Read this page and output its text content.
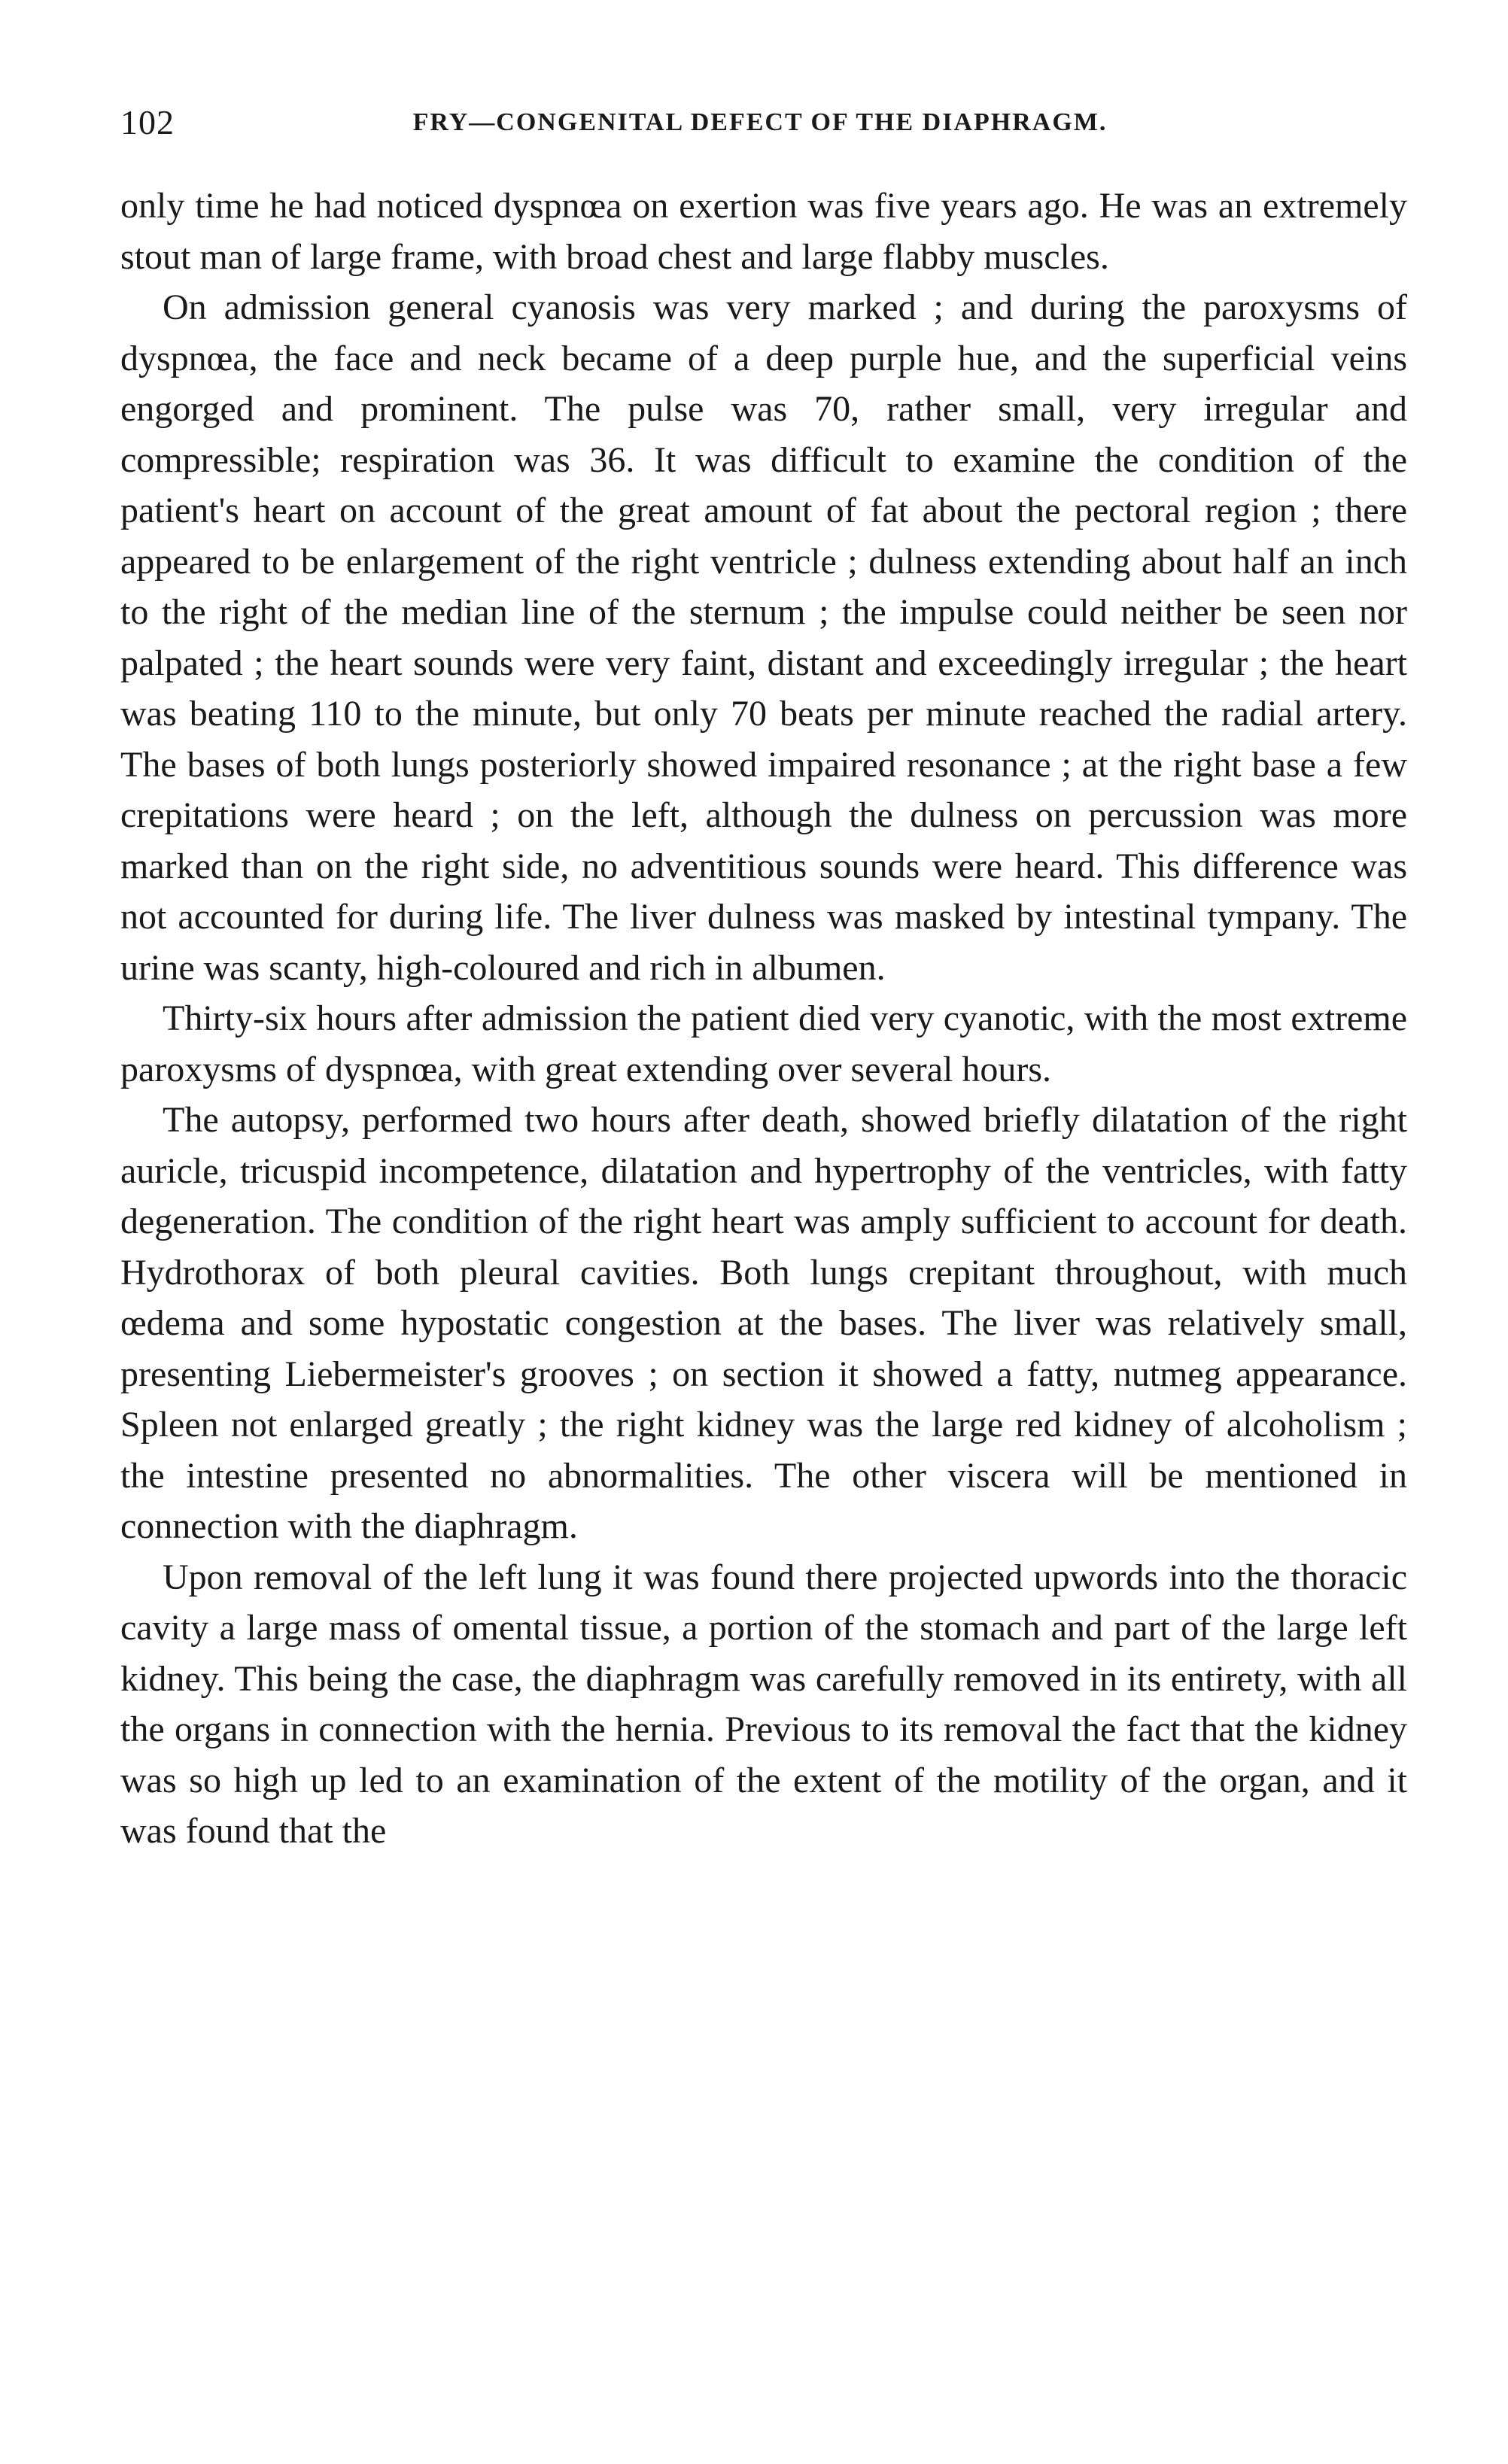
102	FRY—CONGENITAL DEFECT OF THE DIAPHRAGM.

only time he had noticed dyspnœa on exertion was five years ago. He was an extremely stout man of large frame, with broad chest and large flabby muscles.

On admission general cyanosis was very marked ; and during the paroxysms of dyspnœa, the face and neck became of a deep purple hue, and the superficial veins engorged and prominent. The pulse was 70, rather small, very irregular and compressible; respiration was 36. It was difficult to examine the condition of the patient's heart on account of the great amount of fat about the pectoral region ; there appeared to be enlargement of the right ventricle ; dulness extending about half an inch to the right of the median line of the sternum ; the impulse could neither be seen nor palpated ; the heart sounds were very faint, distant and exceedingly irregular ; the heart was beating 110 to the minute, but only 70 beats per minute reached the radial artery. The bases of both lungs posteriorly showed impaired resonance ; at the right base a few crepitations were heard ; on the left, although the dulness on percussion was more marked than on the right side, no adventitious sounds were heard. This difference was not accounted for during life. The liver dulness was masked by intestinal tympany. The urine was scanty, high-coloured and rich in albumen.

Thirty-six hours after admission the patient died very cyanotic, with the most extreme paroxysms of dyspnœa, with great extending over several hours.

The autopsy, performed two hours after death, showed briefly dilatation of the right auricle, tricuspid incompetence, dilatation and hypertrophy of the ventricles, with fatty degeneration. The condition of the right heart was amply sufficient to account for death. Hydrothorax of both pleural cavities. Both lungs crepitant throughout, with much œdema and some hypostatic congestion at the bases. The liver was relatively small, presenting Liebermeister's grooves ; on section it showed a fatty, nutmeg appearance. Spleen not enlarged greatly ; the right kidney was the large red kidney of alcoholism ; the intestine presented no abnormalities. The other viscera will be mentioned in connection with the diaphragm.

Upon removal of the left lung it was found there projected upwords into the thoracic cavity a large mass of omental tissue, a portion of the stomach and part of the large left kidney. This being the case, the diaphragm was carefully removed in its entirety, with all the organs in connection with the hernia. Previous to its removal the fact that the kidney was so high up led to an examination of the extent of the motility of the organ, and it was found that the
